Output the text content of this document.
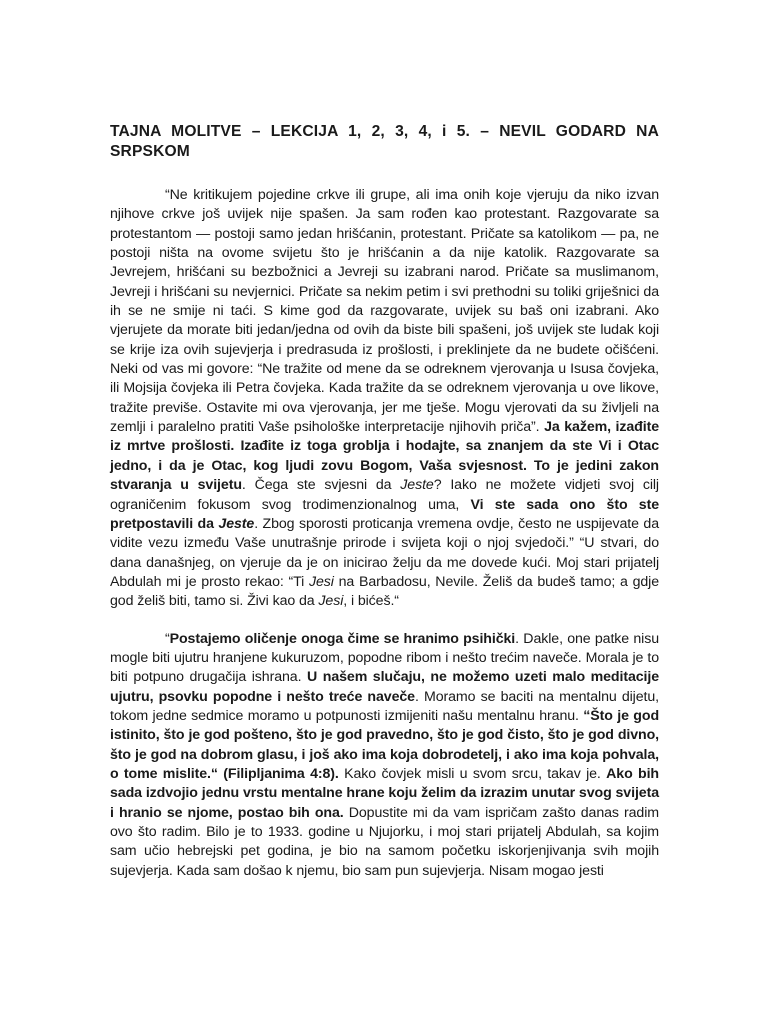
TAJNA MOLITVE – LEKCIJA 1, 2, 3, 4, i 5. – NEVIL GODARD NA SRPSKOM

“Ne kritikujem pojedine crkve ili grupe, ali ima onih koje vjeruju da niko izvan njihove crkve još uvijek nije spašen. Ja sam rođen kao protestant. Razgovarate sa protestantom — postoji samo jedan hrišćanin, protestant. Pričate sa katolikom — pa, ne postoji ništa na ovome svijetu što je hrišćanin a da nije katolik. Razgovarate sa Jevrejem, hrišćani su bezbožnici a Jevreji su izabrani narod. Pričate sa muslimanom, Jevreji i hrišćani su nevjernici. Pričate sa nekim petim i svi prethodni su toliki griješnici da ih se ne smije ni taći. S kime god da razgovarate, uvijek su baš oni izabrani. Ako vjerujete da morate biti jedan/jedna od ovih da biste bili spašeni, još uvijek ste ludak koji se krije iza ovih sujevjerja i predrasuda iz prošlosti, i preklinjete da ne budete očišćeni. Neki od vas mi govore: “Ne tražite od mene da se odreknem vjerovanja u Isusa čovjeka, ili Mojsija čovjeka ili Petra čovjeka. Kada tražite da se odreknem vjerovanja u ove likove, tražite previše. Ostavite mi ova vjerovanja, jer me tješe. Mogu vjerovati da su življeli na zemlji i paralelno pratiti Vaše psihološke interpretacije njihovih priča”. Ja kažem, izađite iz mrtve prošlosti. Izađite iz toga groblja i hodajte, sa znanjem da ste Vi i Otac jedno, i da je Otac, kog ljudi zovu Bogom, Vaša svjesnost. To je jedini zakon stvaranja u svijetu. Čega ste svjesni da Jeste? Iako ne možete vidjeti svoj cilj ograničenim fokusom svog trodimenzionalnog uma, Vi ste sada ono što ste pretpostavili da Jeste. Zbog sporosti proticanja vremena ovdje, često ne uspijevate da vidite vezu između Vaše unutrašnje prirode i svijeta koji o njoj svjedoči.” “U stvari, do dana današnjeg, on vjeruje da je on inicirao želju da me dovede kući. Moj stari prijatelj Abdulah mi je prosto rekao: “Ti Jesi na Barbadosu, Nevile. Želiš da budeš tamo; a gdje god želiš biti, tamo si. Živi kao da Jesi, i bićeš.“

“Postajemo oličenje onoga čime se hranimo psihički. Dakle, one patke nisu mogle biti ujutru hranjene kukuruzom, popodne ribom i nešto trećim naveče. Morala je to biti potpuno drugačija ishrana. U našem slučaju, ne možemo uzeti malo meditacije ujutru, psovku popodne i nešto treće naveče. Moramo se baciti na mentalnu dijetu, tokom jedne sedmice moramo u potpunosti izmijeniti našu mentalnu hranu. “Što je god istinito, što je god pošteno, što je god pravedno, što je god čisto, što je god divno, što je god na dobrom glasu, i još ako ima koja dobrodetelj, i ako ima koja pohvala, o tome mislite.“ (Filipljanima 4:8). Kako čovjek misli u svom srcu, takav je. Ako bih sada izdvojio jednu vrstu mentalne hrane koju želim da izrazim unutar svog svijeta i hranio se njome, postao bih ona. Dopustite mi da vam ispričam zašto danas radim ovo što radim. Bilo je to 1933. godine u Njujorku, i moj stari prijatelj Abdulah, sa kojim sam učio hebrejski pet godina, je bio na samom početku iskorjenjivanja svih mojih sujevjerja. Kada sam došao k njemu, bio sam pun sujevjerja. Nisam mogao jesti
